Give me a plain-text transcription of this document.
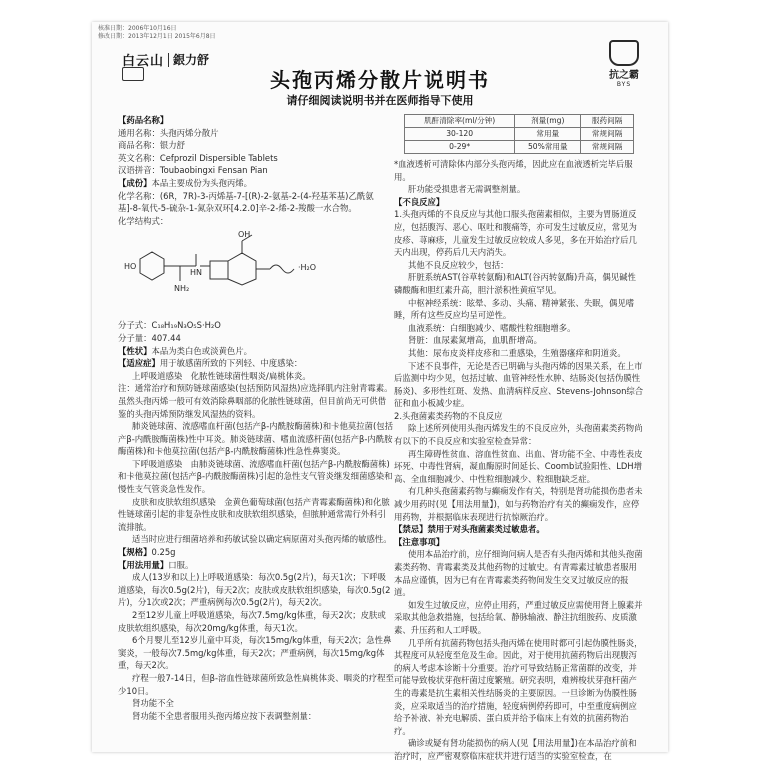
核准日期：2006年10月16日
修改日期：2013年12月1日 2015年6月8日
白云山 銀力舒
抗之霸
BYS
头孢丙烯分散片说明书
请仔细阅读说明书并在医师指导下使用

【药品名称】

通用名称：头孢丙烯分散片

商品名称：银力舒

英文名称：Cefprozil Dispersible Tablets

汉语拼音：Toubaobingxi Fensan Pian

【成份】本品主要成份为头孢丙烯。

化学名称：(6R，7R)-3-丙烯基-7-[(R)-2-氨基-2-(4-羟基苯基)乙酰氨基]-8-氧代-5-硫杂-1-氮杂双环[4.2.0]辛-2-烯-2-羧酸一水合物。

化学结构式：

HO
NH₂
HN
OH
·H₂O

分子式：C₁₈H₁₉N₃O₅S·H₂O

分子量：407.44

【性状】本品为类白色或淡黄色片。

【适应症】用于敏感菌所致的下列轻、中度感染：

上呼吸道感染　化脓性链球菌性咽炎/扁桃体炎。

注：通常治疗和预防链球菌感染(包括预防风湿热)应选择肌内注射青霉素。虽然头孢丙烯一般可有效消除鼻咽部的化脓性链球菌，但目前尚无可供借鉴的头孢丙烯预防继发风湿热的资料。

肺炎链球菌、流感嗜血杆菌(包括产β-内酰胺酶菌株)和卡他莫拉菌(包括产β-内酰胺酶菌株)性中耳炎。肺炎链球菌、嗜血流感杆菌(包括产β-内酰胺酶菌株)和卡他莫拉菌(包括产β-内酰胺酶菌株)性急性鼻窦炎。

下呼吸道感染　由肺炎链球菌、流感嗜血杆菌(包括产β-内酰胺酶菌株)和卡他莫拉菌(包括产β-内酰胺酶菌株)引起的急性支气管炎继发细菌感染和慢性支气管炎急性发作。

皮肤和皮肤软组织感染　金黄色葡萄球菌(包括产青霉素酶菌株)和化脓性链球菌引起的非复杂性皮肤和皮肤软组织感染，但脓肿通常需行外科引流排脓。

适当时应进行细菌培养和药敏试验以确定病原菌对头孢丙烯的敏感性。

【规格】0.25g

【用法用量】口服。

成人(13岁和以上)上呼吸道感染：每次0.5g(2片)，每天1次；下呼吸道感染，每次0.5g(2片)，每天2次；皮肤或皮肤软组织感染，每次0.5g(2片)，分1次或2次；严重病例每次0.5g(2片)，每天2次。

2至12岁儿童上呼吸道感染，每次7.5mg/kg体重，每天2次；皮肤或皮肤软组织感染，每次20mg/kg体重，每天1次。

6个月婴儿至12岁儿童中耳炎，每次15mg/kg体重，每天2次；急性鼻窦炎，一般每次7.5mg/kg体重，每天2次；严重病例，每次15mg/kg体重，每天2次。

疗程一般7-14日，但β-溶血性链球菌所致急性扁桃体炎、咽炎的疗程至少10日。

肾功能不全

肾功能不全患者服用头孢丙烯应按下表调整剂量：

肌酐清除率(ml/分钟)	剂量(mg)	服药间隔
30-120	常用量	常规间隔
0-29*	50%常用量	常规间隔

*血液透析可清除体内部分头孢丙烯，因此应在血液透析完毕后服用。

肝功能受损患者无需调整剂量。

【不良反应】

1.头孢丙烯的不良反应与其他口服头孢菌素相似，主要为胃肠道反应，包括腹泻、恶心、呕吐和腹痛等，亦可发生过敏反应，常见为皮疹、荨麻疹，儿童发生过敏反应较成人多见，多在开始治疗后几天内出现，停药后几天内消失。

其他不良反应较少，包括：

肝脏系统AST(谷草转氨酶)和ALT(谷丙转氨酶)升高，偶见碱性磷酸酶和胆红素升高，胆汁淤积性黄疸罕见。

中枢神经系统：眩晕、多动、头痛、精神紧张、失眠，偶见嗜睡，所有这些反应均呈可逆性。

血液系统：白细胞减少、嗜酸性粒细胞增多。

肾脏：血尿素氮增高，血肌酐增高。

其他：尿布皮炎样皮疹和二重感染，生殖器瘙痒和阴道炎。

下述不良事件，无论是否已明确与头孢丙烯的因果关系，在上市后监测中均少见，包括过敏、血管神经性水肿、结肠炎(包括伪膜性肠炎)、多形性红斑、发热、血清病样反应、Stevens-Johnson综合征和血小板减少症。

2.头孢菌素类药物的不良反应

除上述所列使用头孢丙烯发生的不良反应外，头孢菌素类药物尚有以下的不良反应和实验室检查异常：

再生障碍性贫血、溶血性贫血、出血、肾功能不全、中毒性表皮坏死、中毒性肾病，凝血酶原时间延长、Coomb试验阳性、LDH增高、全血细胞减少、中性粒细胞减少、粒细胞缺乏症。

有几种头孢菌素药物与癫痫发作有关，特别是肾功能损伤患者未减少用药时(见【用法用量】)，如与药物治疗有关的癫痫发作，应停用药物，并根据临床表现进行抗惊厥治疗。

【禁忌】禁用于对头孢菌素类过敏患者。

【注意事项】

使用本品治疗前，应仔细询问病人是否有头孢丙烯和其他头孢菌素类药物、青霉素类及其他药物的过敏史。有青霉素过敏患者服用本品应谨慎，因为已有在青霉素类药物间发生交叉过敏反应的报道。

如发生过敏反应，应停止用药，严重过敏反应需使用肾上腺素并采取其他急救措施，包括给氧、静脉输液、静注抗组胺药、皮质激素、升压药和人工呼吸。

几乎所有抗菌药物包括头孢丙烯在使用时都可引起伪膜性肠炎，其程度可从轻度至危及生命。因此，对于使用抗菌药物后出现腹泻的病人考虑本诊断十分重要。治疗可导致结肠正常菌群的改变，并可能导致梭状芽孢杆菌过度繁殖。研究表明，难辨梭状芽孢杆菌产生的毒素是抗生素相关性结肠炎的主要原因。一旦诊断为伪膜性肠炎，应采取适当的治疗措施，轻度病例停药即可，中至重度病例应给予补液、补充电解质、蛋白质并给予临床上有效的抗菌药物治疗。

确诊或疑有肾功能损伤的病人(见【用法用量】)在本品治疗前和治疗时，应严密观察临床症状并进行适当的实验室检查，在
